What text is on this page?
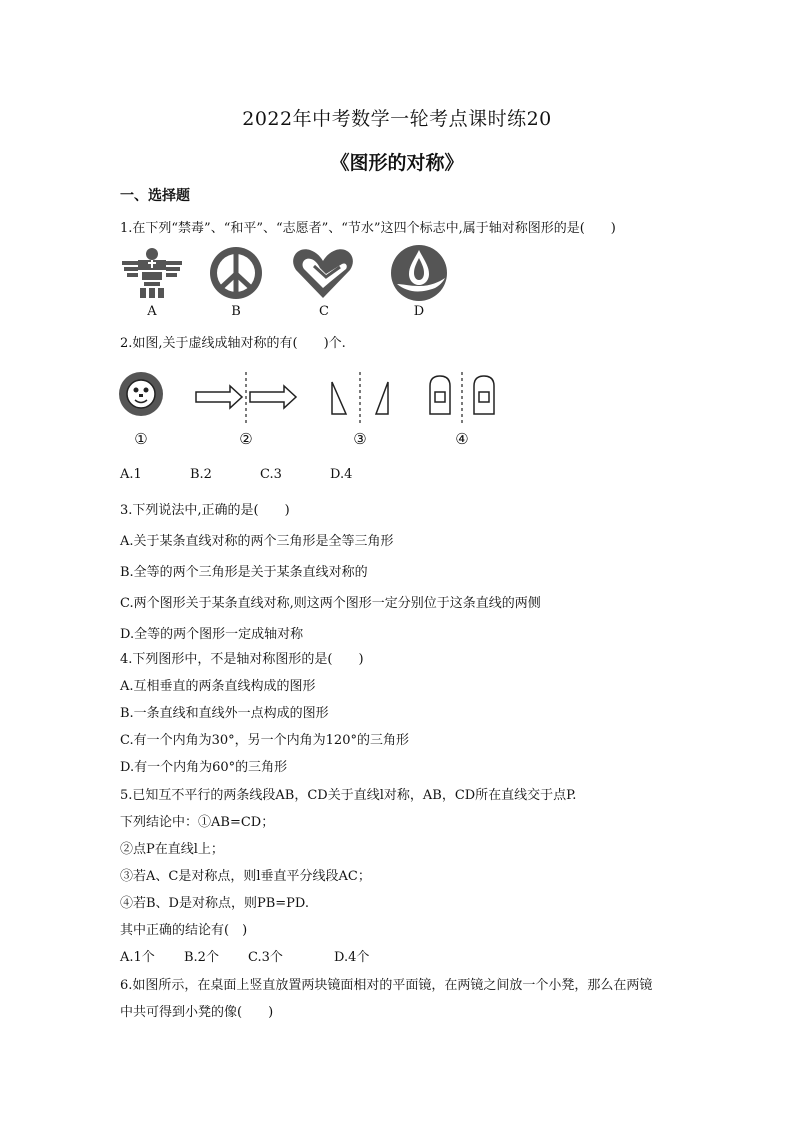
2022年中考数学一轮考点课时练20
《图形的对称》
一、选择题
1.在下列“禁毒”、“和平”、“志愿者”、“节水”这四个标志中,属于轴对称图形的是(　　)
A	B	C	D
2.如图,关于虚线成轴对称的有(　　)个.
①	②	③	④
A.1	B.2	C.3	D.4
3.下列说法中,正确的是(　　)
A.关于某条直线对称的两个三角形是全等三角形
B.全等的两个三角形是关于某条直线对称的
C.两个图形关于某条直线对称,则这两个图形一定分别位于这条直线的两侧
D.全等的两个图形一定成轴对称
4.下列图形中，不是轴对称图形的是(　　)
A.互相垂直的两条直线构成的图形
B.一条直线和直线外一点构成的图形
C.有一个内角为30°，另一个内角为120°的三角形
D.有一个内角为60°的三角形
5.已知互不平行的两条线段AB，CD关于直线l对称，AB，CD所在直线交于点P.
下列结论中：①AB=CD；
②点P在直线l上；
③若A、C是对称点，则l垂直平分线段AC；
④若B、D是对称点，则PB=PD.
其中正确的结论有(　)
A.1个 B.2个 C.3个	D.4个
6.如图所示，在桌面上竖直放置两块镜面相对的平面镜，在两镜之间放一个小凳，那么在两镜
中共可得到小凳的像(　　)
